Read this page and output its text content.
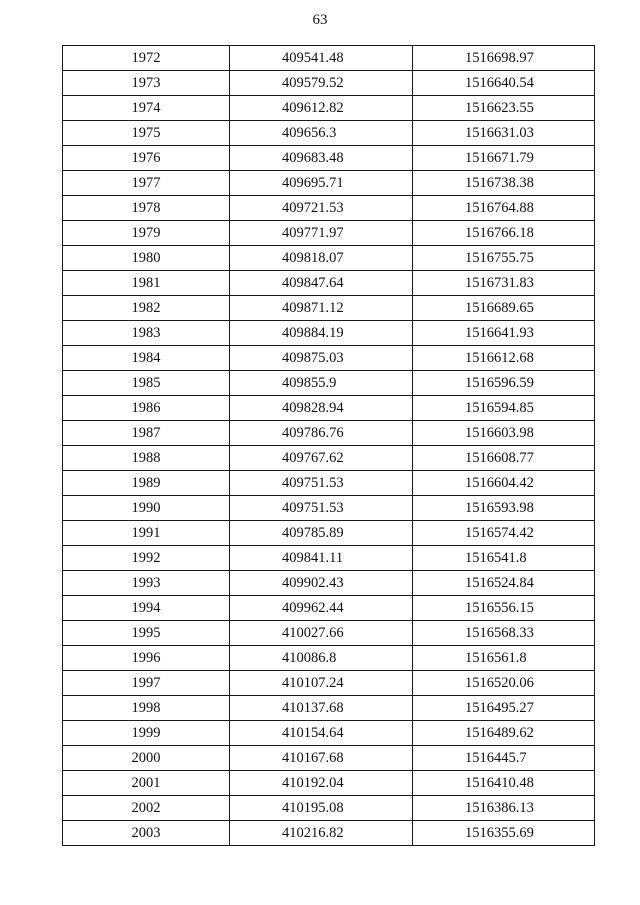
63
1972	409541.48	1516698.97
1973	409579.52	1516640.54
1974	409612.82	1516623.55
1975	409656.3	1516631.03
1976	409683.48	1516671.79
1977	409695.71	1516738.38
1978	409721.53	1516764.88
1979	409771.97	1516766.18
1980	409818.07	1516755.75
1981	409847.64	1516731.83
1982	409871.12	1516689.65
1983	409884.19	1516641.93
1984	409875.03	1516612.68
1985	409855.9	1516596.59
1986	409828.94	1516594.85
1987	409786.76	1516603.98
1988	409767.62	1516608.77
1989	409751.53	1516604.42
1990	409751.53	1516593.98
1991	409785.89	1516574.42
1992	409841.11	1516541.8
1993	409902.43	1516524.84
1994	409962.44	1516556.15
1995	410027.66	1516568.33
1996	410086.8	1516561.8
1997	410107.24	1516520.06
1998	410137.68	1516495.27
1999	410154.64	1516489.62
2000	410167.68	1516445.7
2001	410192.04	1516410.48
2002	410195.08	1516386.13
2003	410216.82	1516355.69
